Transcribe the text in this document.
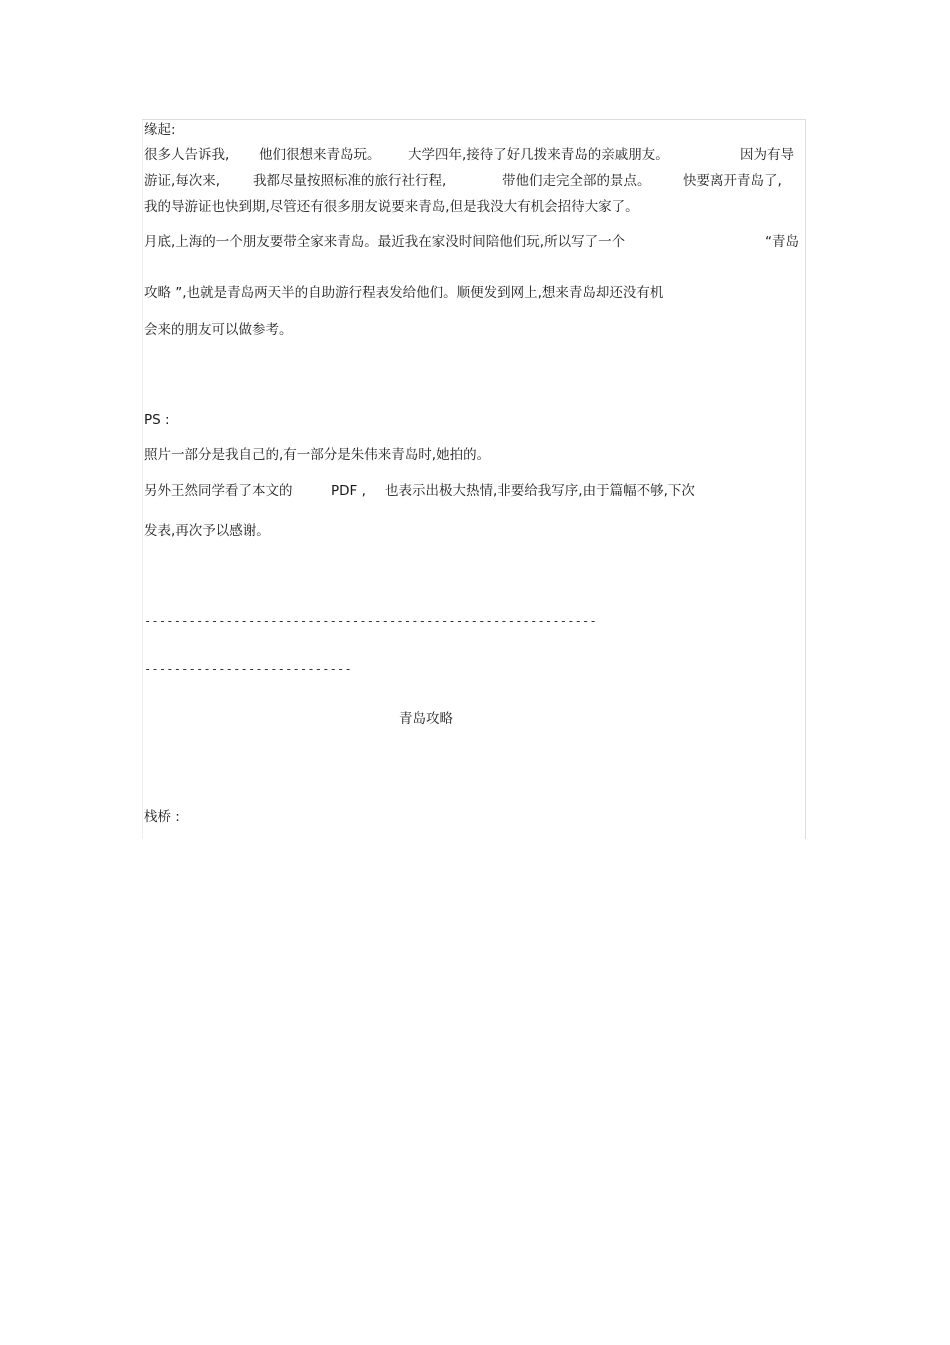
缘起:

很多人告诉我, 他们很想来青岛玩。 大学四年,接待了好几拨来青岛的亲戚朋友。	因为有导

游证,每次来, 我都尽量按照标准的旅行社行程,	带他们走完全部的景点。 快要离开青岛了,

我的导游证也快到期,尽管还有很多朋友说要来青岛,但是我没大有机会招待大家了。

月底,上海的一个朋友要带全家来青岛。最近我在家没时间陪他们玩,所以写了一个	“青岛

攻略 ”,也就是青岛两天半的自助游行程表发给他们。顺便发到网上,想来青岛却还没有机

会来的朋友可以做参考。

PS :

照片一部分是我自己的,有一部分是朱伟来青岛时,她拍的。

另外王然同学看了本文的	PDF , 也表示出极大热情,非要给我写序,由于篇幅不够,下次

发表,再次予以感谢。

-------------------------------------------------------------
----------------------------

青岛攻略

栈桥 :
